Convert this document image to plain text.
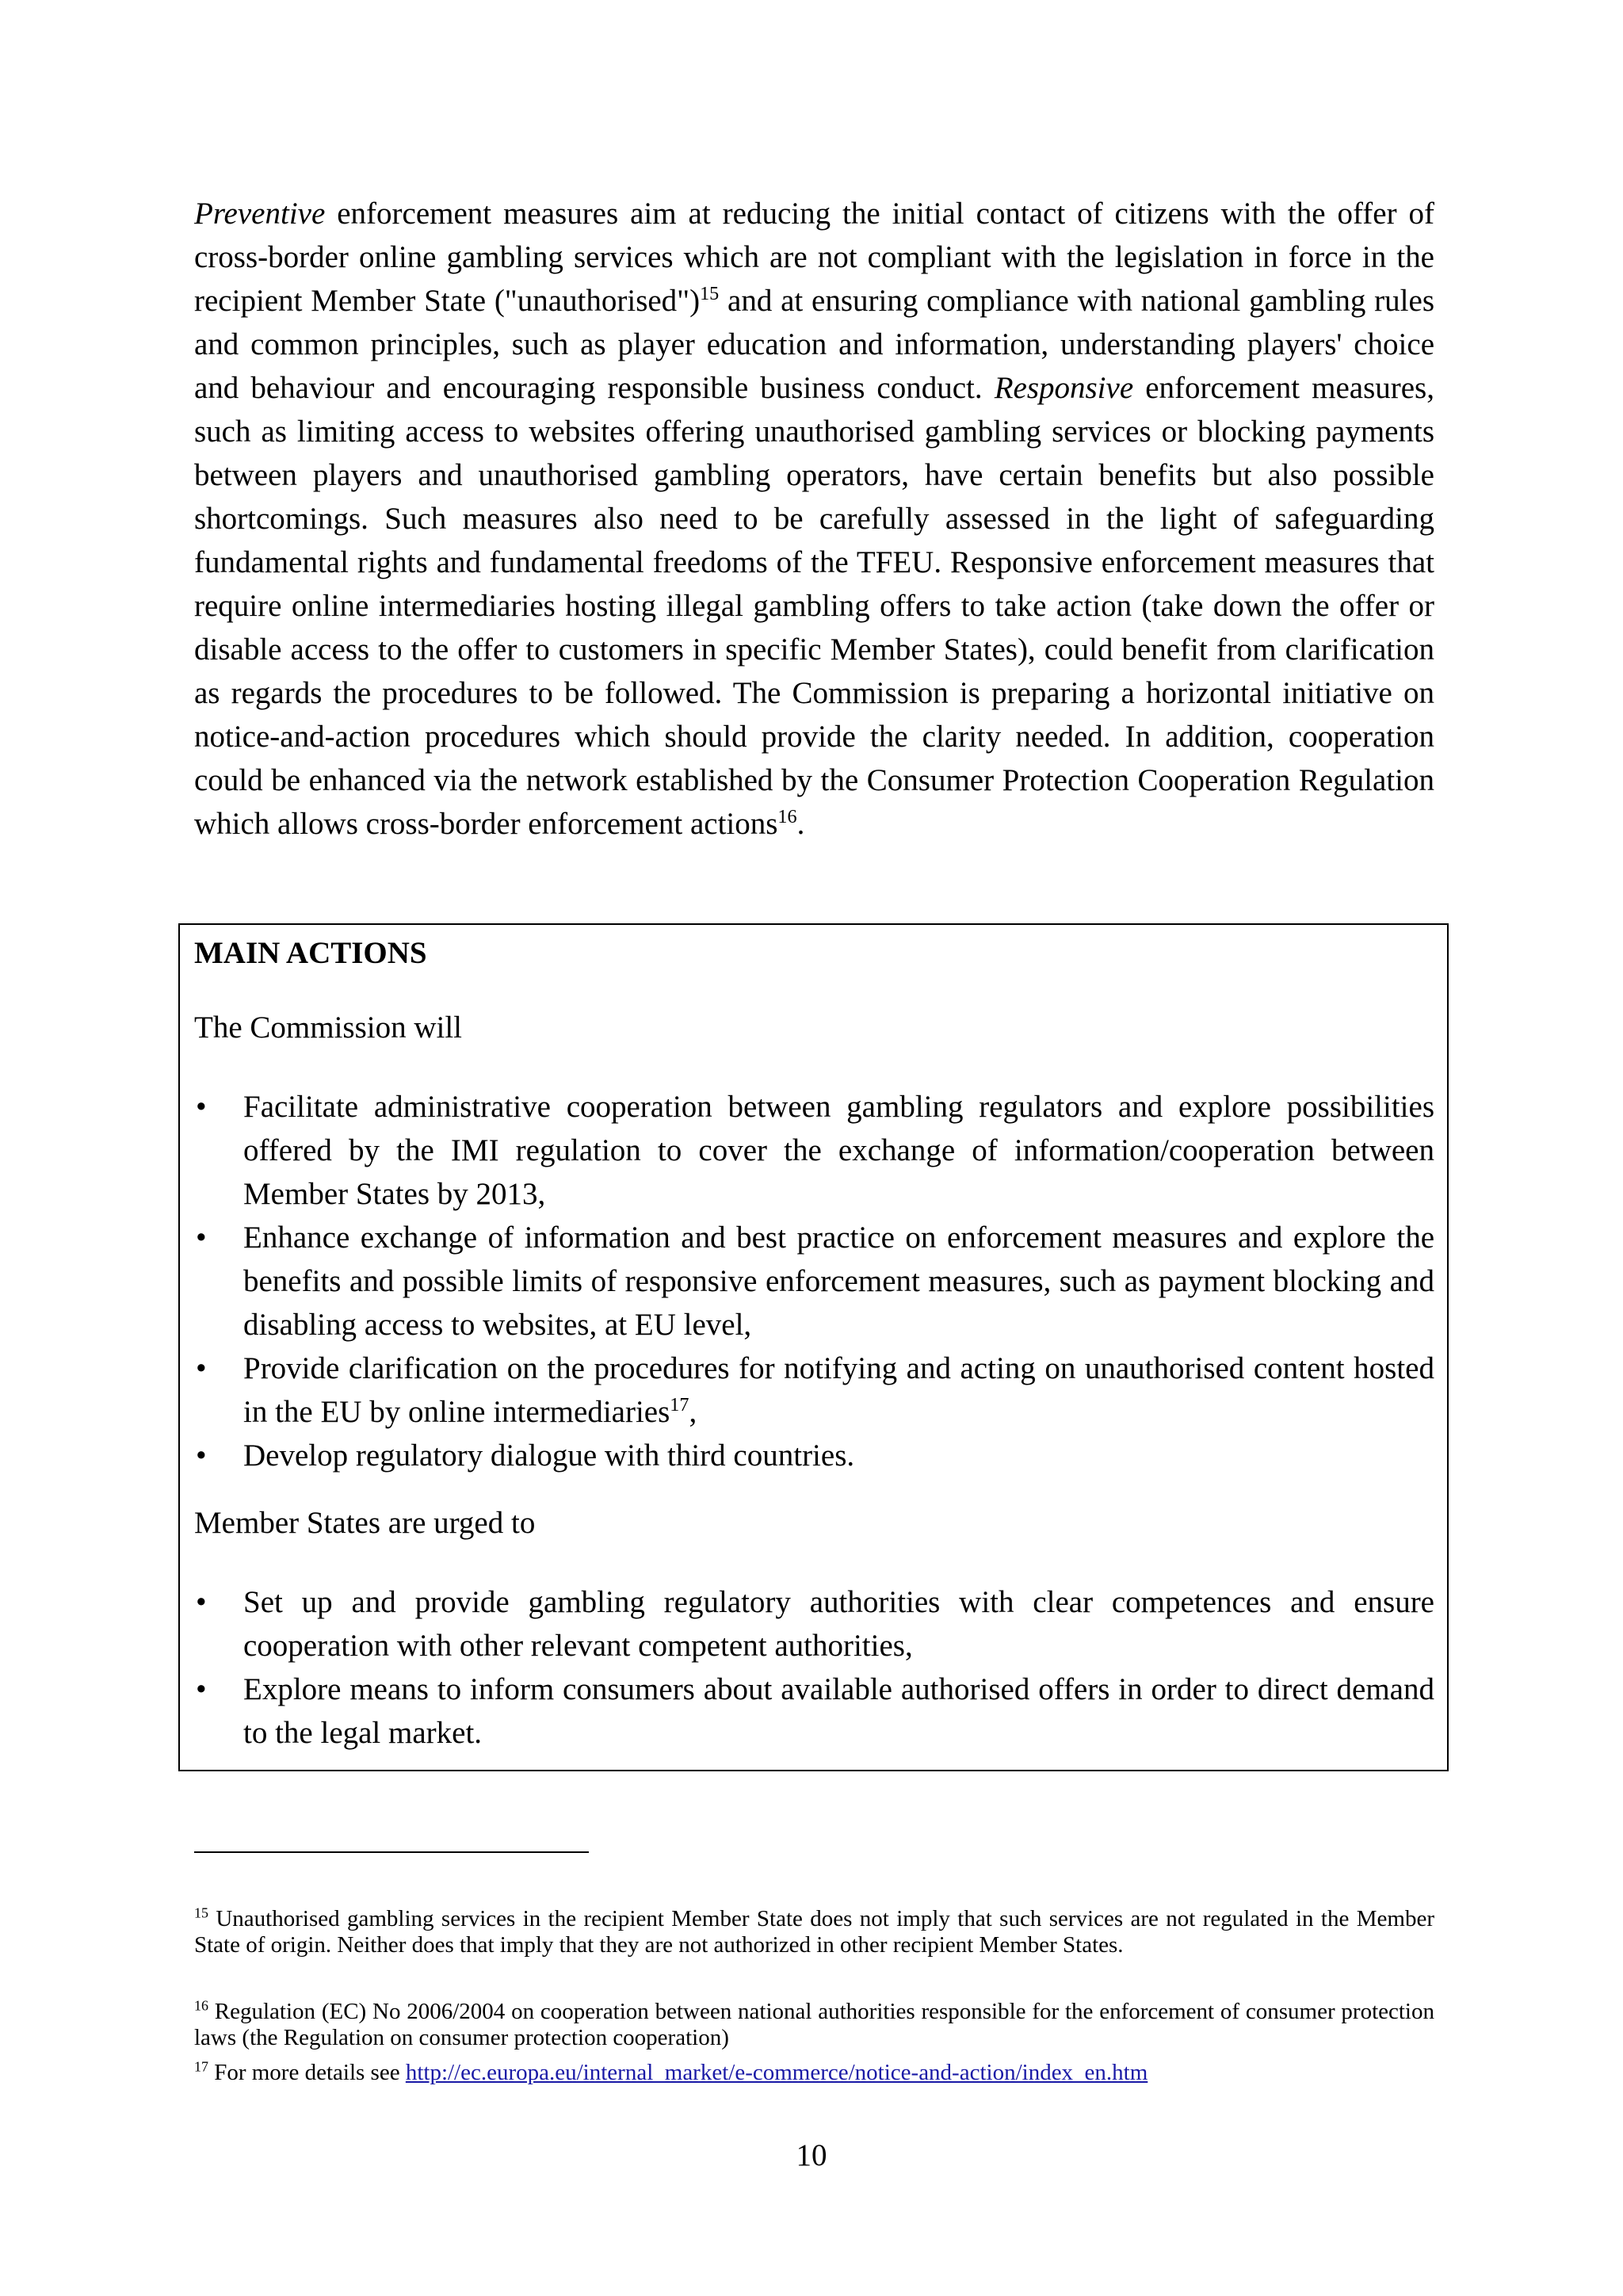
Preventive enforcement measures aim at reducing the initial contact of citizens with the offer of cross-border online gambling services which are not compliant with the legislation in force in the recipient Member State ("unauthorised")$^{15}$ and at ensuring compliance with national gambling rules and common principles, such as player education and information, understanding players' choice and behaviour and encouraging responsible business conduct. Responsive enforcement measures, such as limiting access to websites offering unauthorised gambling services or blocking payments between players and unauthorised gambling operators, have certain benefits but also possible shortcomings. Such measures also need to be carefully assessed in the light of safeguarding fundamental rights and fundamental freedoms of the TFEU. Responsive enforcement measures that require online intermediaries hosting illegal gambling offers to take action (take down the offer or disable access to the offer to customers in specific Member States), could benefit from clarification as regards the procedures to be followed. The Commission is preparing a horizontal initiative on notice-and-action procedures which should provide the clarity needed. In addition, cooperation could be enhanced via the network established by the Consumer Protection Cooperation Regulation which allows cross-border enforcement actions$^{16}$.

MAIN ACTIONS

The Commission will

• Facilitate administrative cooperation between gambling regulators and explore possibilities offered by the IMI regulation to cover the exchange of information/cooperation between Member States by 2013,
• Enhance exchange of information and best practice on enforcement measures and explore the benefits and possible limits of responsive enforcement measures, such as payment blocking and disabling access to websites, at EU level,
• Provide clarification on the procedures for notifying and acting on unauthorised content hosted in the EU by online intermediaries$^{17}$,
• Develop regulatory dialogue with third countries.

Member States are urged to

• Set up and provide gambling regulatory authorities with clear competences and ensure cooperation with other relevant competent authorities,
• Explore means to inform consumers about available authorised offers in order to direct demand to the legal market.

$^{15}$ Unauthorised gambling services in the recipient Member State does not imply that such services are not regulated in the Member State of origin. Neither does that imply that they are not authorized in other recipient Member States.

$^{16}$ Regulation (EC) No 2006/2004 on cooperation between national authorities responsible for the enforcement of consumer protection laws (the Regulation on consumer protection cooperation)

$^{17}$ For more details see http://ec.europa.eu/internal_market/e-commerce/notice-and-action/index_en.htm

10
